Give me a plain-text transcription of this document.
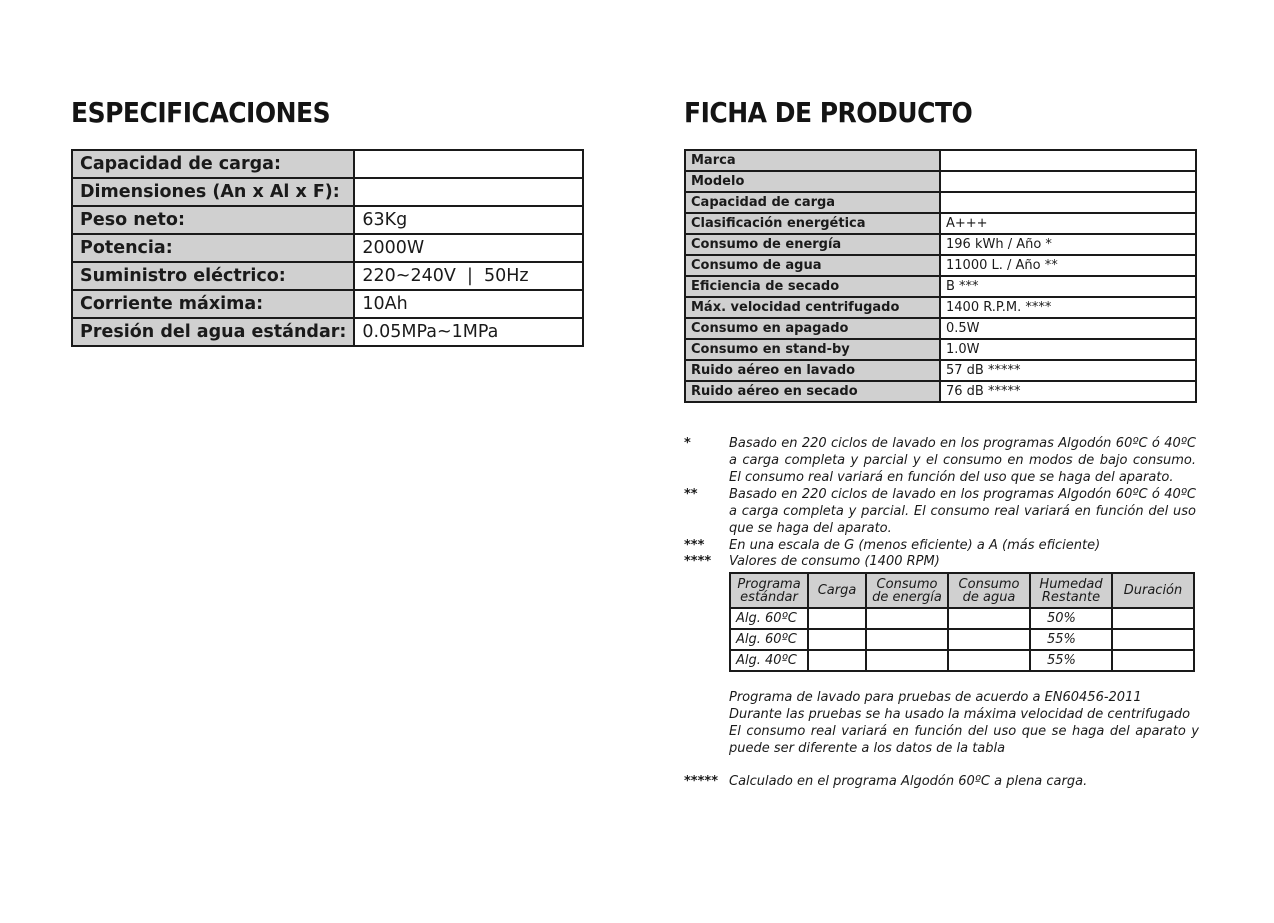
ESPECIFICACIONES
Capacidad de carga:	
Dimensiones (An x Al x F):	
Peso neto:	63Kg
Potencia:	2000W
Suministro eléctrico:	220~240V  |  50Hz
Corriente máxima:	10Ah
Presión del agua estándar:	0.05MPa~1MPa
FICHA DE PRODUCTO
Marca	
Modelo	
Capacidad de carga	
Clasificación energética	A+++
Consumo de energía	196 kWh / Año *
Consumo de agua	11000 L. / Año **
Eficiencia de secado	B ***
Máx. velocidad centrifugado	1400 R.P.M. ****
Consumo en apagado	0.5W
Consumo en stand-by	1.0W
Ruido aéreo en lavado	57 dB *****
Ruido aéreo en secado	76 dB *****
*	Basado en 220 ciclos de lavado en los programas Algodón 60ºC ó 40ºC a carga completa y parcial y el consumo en modos de bajo consumo. El consumo real variará en función del uso que se haga del aparato.
** Basado en 220 ciclos de lavado en los programas Algodón 60ºC ó 40ºC a carga completa y parcial. El consumo real variará en función del uso que se haga del aparato.
*** En una escala de G (menos eficiente) a A (más eficiente)
**** Valores de consumo (1400 RPM)
Programa estándar	Carga	Consumo de energía	Consumo de agua	Humedad Restante	Duración
Alg. 60ºC				50%	
Alg. 60ºC				55%	
Alg. 40ºC				55%	
Programa de lavado para pruebas de acuerdo a EN60456-2011
Durante las pruebas se ha usado la máxima velocidad de centrifugado
El consumo real variará en función del uso que se haga del aparato y puede ser diferente a los datos de la tabla
***** Calculado en el programa Algodón 60ºC a plena carga.
